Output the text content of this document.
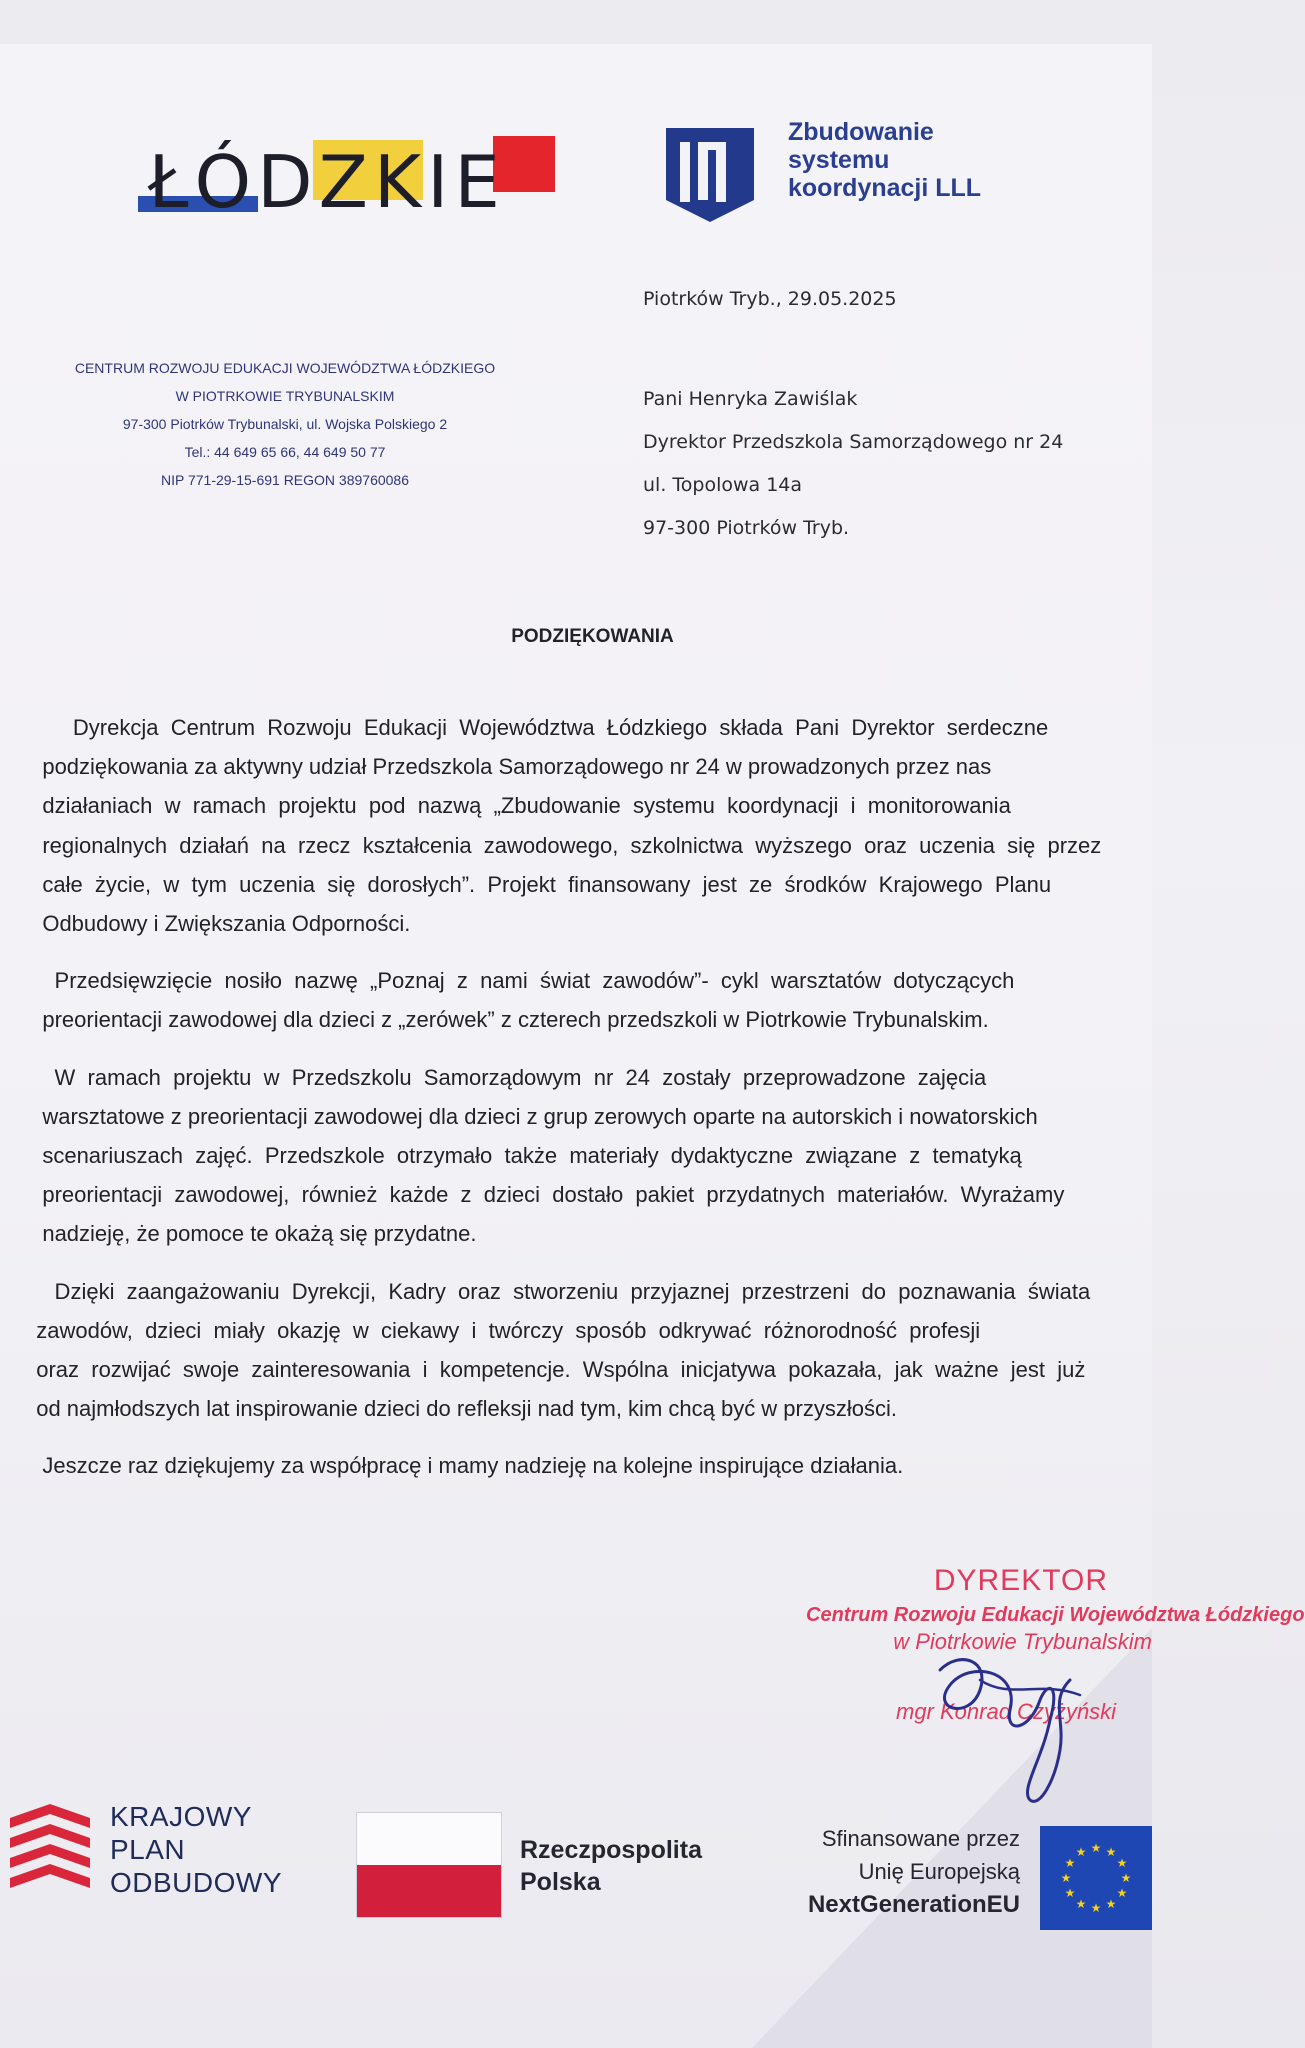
ŁÓDZKIE
Zbudowanie
systemu
koordynacji LLL
Piotrków Tryb., 29.05.2025
CENTRUM ROZWOJU EDUKACJI WOJEWÓDZTWA ŁÓDZKIEGO
W PIOTRKOWIE TRYBUNALSKIM
97-300 Piotrków Trybunalski, ul. Wojska Polskiego 2
Tel.: 44 649 65 66, 44 649 50 77
NIP 771-29-15-691 REGON 389760086
Pani Henryka Zawiślak
Dyrektor Przedszkola Samorządowego nr 24
ul. Topolowa 14a
97-300 Piotrków Tryb.
PODZIĘKOWANIA

Dyrekcja  Centrum  Rozwoju  Edukacji  Województwa  Łódzkiego  składa  Pani  Dyrektor  serdeczne
podziękowania za aktywny udział Przedszkola Samorządowego nr 24 w prowadzonych przez nas
działaniach  w  ramach  projektu  pod  nazwą  „Zbudowanie  systemu  koordynacji  i  monitorowania
regionalnych  działań  na  rzecz  kształcenia  zawodowego,  szkolnictwa  wyższego  oraz  uczenia  się  przez
całe  życie,  w  tym  uczenia  się  dorosłych”.  Projekt  finansowany  jest  ze  środków  Krajowego  Planu
Odbudowy i Zwiększania Odporności.

Przedsięwzięcie  nosiło  nazwę  „Poznaj  z  nami  świat  zawodów”-  cykl  warsztatów  dotyczących
preorientacji zawodowej dla dzieci z „zerówek” z czterech przedszkoli w Piotrkowie Trybunalskim.

W  ramach  projektu  w  Przedszkolu  Samorządowym  nr  24  zostały  przeprowadzone  zajęcia
warsztatowe z preorientacji zawodowej dla dzieci z grup zerowych oparte na autorskich i nowatorskich
scenariuszach  zajęć.  Przedszkole  otrzymało  także  materiały  dydaktyczne  związane  z  tematyką
preorientacji  zawodowej,  również  każde  z  dzieci  dostało  pakiet  przydatnych  materiałów.  Wyrażamy
nadzieję, że pomoce te okażą się przydatne.

Dzięki  zaangażowaniu  Dyrekcji,  Kadry  oraz  stworzeniu  przyjaznej  przestrzeni  do  poznawania  świata
zawodów,  dzieci  miały  okazję  w  ciekawy  i  twórczy  sposób  odkrywać  różnorodność  profesji
oraz  rozwijać  swoje  zainteresowania  i  kompetencje.  Wspólna  inicjatywa  pokazała,  jak  ważne  jest  już
od najmłodszych lat inspirowanie dzieci do refleksji nad tym, kim chcą być w przyszłości.

Jeszcze raz dziękujemy za współpracę i mamy nadzieję na kolejne inspirujące działania.

DYREKTOR
Centrum Rozwoju Edukacji Województwa Łódzkiego
w Piotrkowie Trybunalskim
mgr Konrad Czyżyński
KRAJOWY
PLAN
ODBUDOWY
Rzeczpospolita
Polska
Sfinansowane przez
Unię Europejską
NextGenerationEU
★
★
★
★
★
★
★
★
★ ★ ★
★
